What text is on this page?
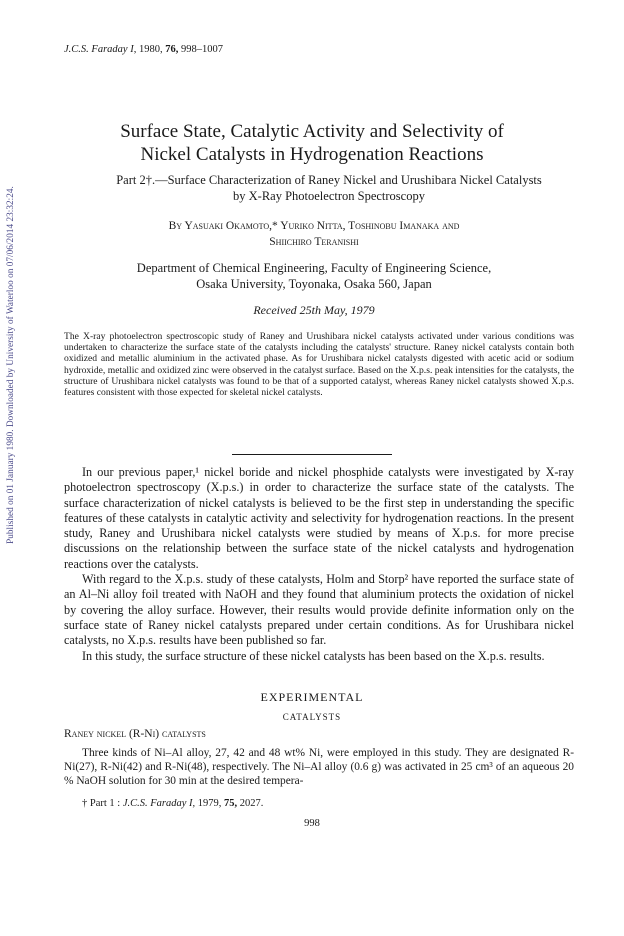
Published on 01 January 1980. Downloaded by University of Waterloo on 07/06/2014 23:32:24.
J.C.S. Faraday I, 1980, 76, 998–1007
Surface State, Catalytic Activity and Selectivity of
Nickel Catalysts in Hydrogenation Reactions
Part 2†.—Surface Characterization of Raney Nickel and Urushibara Nickel Catalysts
by X-Ray Photoelectron Spectroscopy
By Yasuaki Okamoto,* Yuriko Nitta, Toshinobu Imanaka and
Shiichiro Teranishi
Department of Chemical Engineering, Faculty of Engineering Science,
Osaka University, Toyonaka, Osaka 560, Japan
Received 25th May, 1979
The X-ray photoelectron spectroscopic study of Raney and Urushibara nickel catalysts activated under various conditions was undertaken to characterize the surface state of the catalysts including the catalysts' structure. Raney nickel catalysts contain both oxidized and metallic aluminium in the activated phase. As for Urushibara nickel catalysts digested with acetic acid or sodium hydroxide, metallic and oxidized zinc were observed in the catalyst surface. Based on the X.p.s. peak intensities for the catalysts, the structure of Urushibara nickel catalysts was found to be that of a supported catalyst, whereas Raney nickel catalysts showed X.p.s. features consistent with those expected for skeletal nickel catalysts.

In our previous paper,¹ nickel boride and nickel phosphide catalysts were investigated by X-ray photoelectron spectroscopy (X.p.s.) in order to characterize the surface state of the catalysts. The surface characterization of nickel catalysts is believed to be the first step in understanding the specific features of these catalysts in catalytic activity and selectivity for hydrogenation reactions. In the present study, Raney and Urushibara nickel catalysts were studied by means of X.p.s. for more precise discussions on the relationship between the surface state of the nickel catalysts and hydrogenation reactions over the catalysts.

With regard to the X.p.s. study of these catalysts, Holm and Storp² have reported the surface state of an Al–Ni alloy foil treated with NaOH and they found that aluminium protects the oxidation of nickel by covering the alloy surface. However, their results would provide definite information only on the surface state of Raney nickel catalysts prepared under certain conditions. As for Urushibara nickel catalysts, no X.p.s. results have been published so far.

In this study, the surface structure of these nickel catalysts has been based on the X.p.s. results.

EXPERIMENTAL
CATALYSTS
Raney nickel (R-Ni) catalysts

Three kinds of Ni–Al alloy, 27, 42 and 48 wt% Ni, were employed in this study. They are designated R-Ni(27), R-Ni(42) and R-Ni(48), respectively. The Ni–Al alloy (0.6 g) was activated in 25 cm³ of an aqueous 20 % NaOH solution for 30 min at the desired tempera-

† Part 1 : J.C.S. Faraday I, 1979, 75, 2027.
998
